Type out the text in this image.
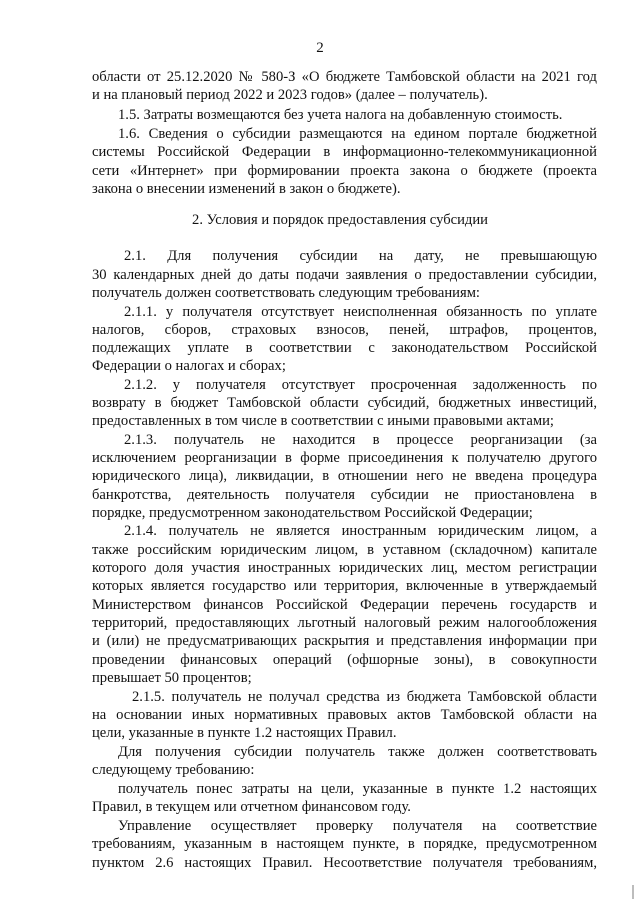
2
области от 25.12.2020 № 580-З «О бюджете Тамбовской области на 2021 год
и на плановый период 2022 и 2023 годов» (далее – получатель).
1.5. Затраты возмещаются без учета налога на добавленную стоимость.
1.6. Сведения о субсидии размещаются на едином портале бюджетной
системы Российской Федерации в информационно-телекоммуникационной
сети «Интернет» при формировании проекта закона о бюджете (проекта
закона о внесении изменений в закон о бюджете).
2. Условия и порядок предоставления субсидии
2.1. Для получения субсидии на дату, не превышающую
30 календарных дней до даты подачи заявления о предоставлении субсидии,
получатель должен соответствовать следующим требованиям:
2.1.1. у получателя отсутствует неисполненная обязанность по уплате
налогов, сборов, страховых взносов, пеней, штрафов, процентов,
подлежащих уплате в соответствии с законодательством Российской
Федерации о налогах и сборах;
2.1.2. у получателя отсутствует просроченная задолженность по
возврату в бюджет Тамбовской области субсидий, бюджетных инвестиций,
предоставленных в том числе в соответствии с иными правовыми актами;
2.1.3. получатель не находится в процессе реорганизации (за
исключением реорганизации в форме присоединения к получателю другого
юридического лица), ликвидации, в отношении него не введена процедура
банкротства, деятельность получателя субсидии не приостановлена в
порядке, предусмотренном законодательством Российской Федерации;
2.1.4. получатель не является иностранным юридическим лицом, а
также российским юридическим лицом, в уставном (складочном) капитале
которого доля участия иностранных юридических лиц, местом регистрации
которых является государство или территория, включенные в утверждаемый
Министерством финансов Российской Федерации перечень государств и
территорий, предоставляющих льготный налоговый режим налогообложения
и (или) не предусматривающих раскрытия и представления информации при
проведении финансовых операций (офшорные зоны), в совокупности
превышает 50 процентов;
2.1.5. получатель не получал средства из бюджета Тамбовской области
на основании иных нормативных правовых актов Тамбовской области на
цели, указанные в пункте 1.2 настоящих Правил.
Для получения субсидии получатель также должен соответствовать
следующему требованию:
получатель понес затраты на цели, указанные в пункте 1.2 настоящих
Правил, в текущем или отчетном финансовом году.
Управление осуществляет проверку получателя на соответствие
требованиям, указанным в настоящем пункте, в порядке, предусмотренном
пунктом 2.6 настоящих Правил. Несоответствие получателя требованиям,
